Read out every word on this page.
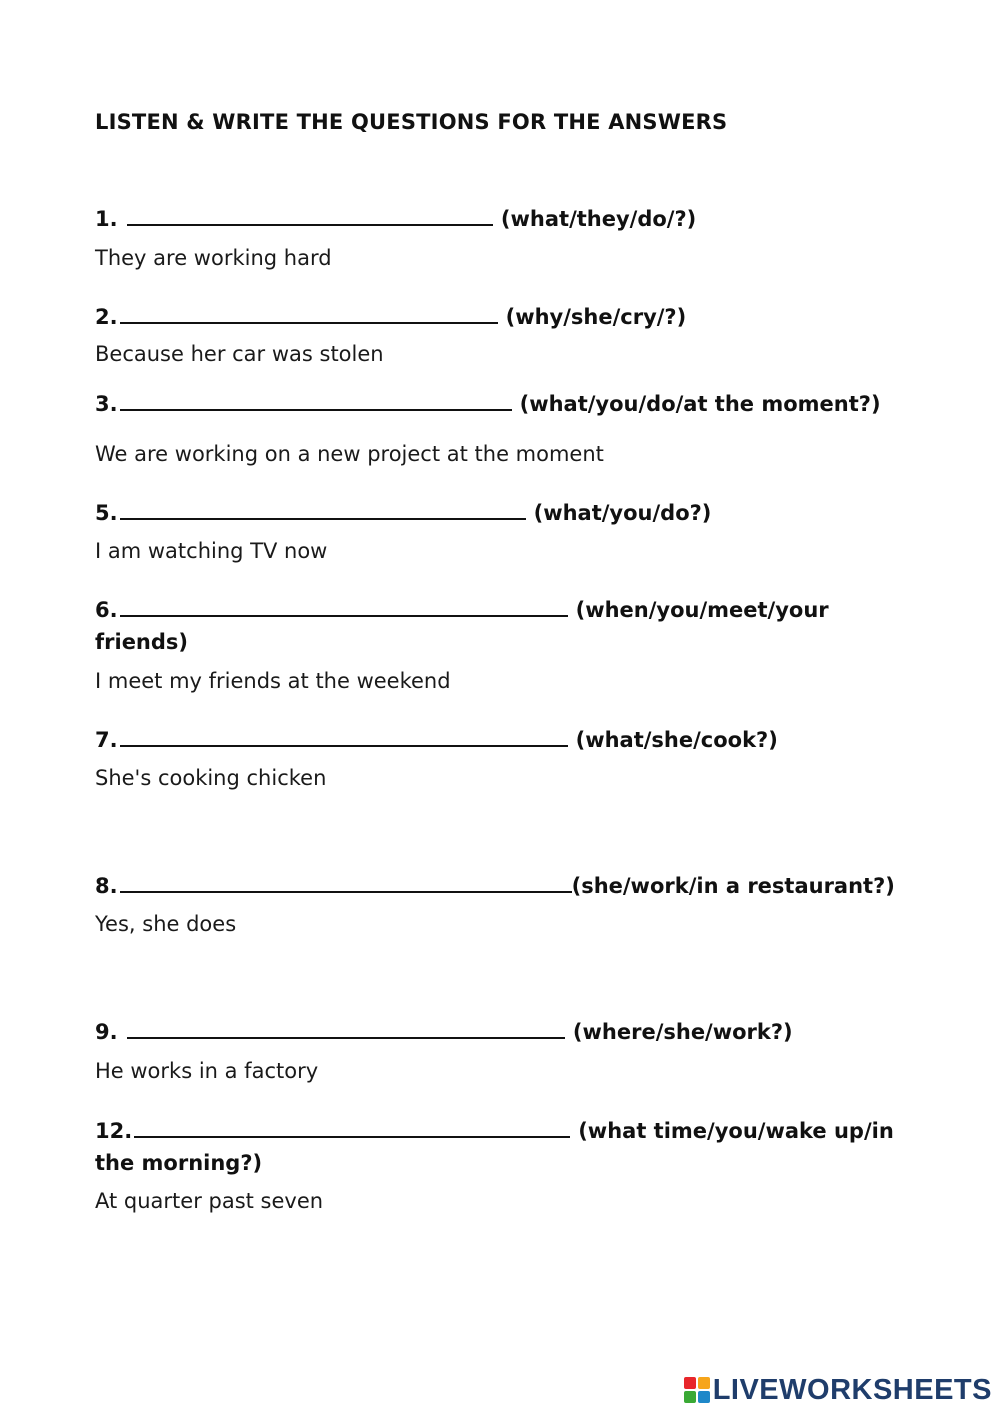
LISTEN & WRITE THE QUESTIONS FOR THE ANSWERS
1.	(what/they/do/?)
They are working hard
2.	(why/she/cry/?)
Because her car was stolen
3.	(what/you/do/at the moment?)
We are working on a new project at the moment
5.	(what/you/do?)
I am watching TV now
6.	(when/you/meet/your
friends)
I meet my friends at the weekend
7.	(what/she/cook?)
She's cooking chicken
8.	(she/work/in a restaurant?)
Yes, she does
9.	(where/she/work?)
He works in a factory
12.	(what time/you/wake up/in
the morning?)
At quarter past seven
LIVEWORKSHEETS
